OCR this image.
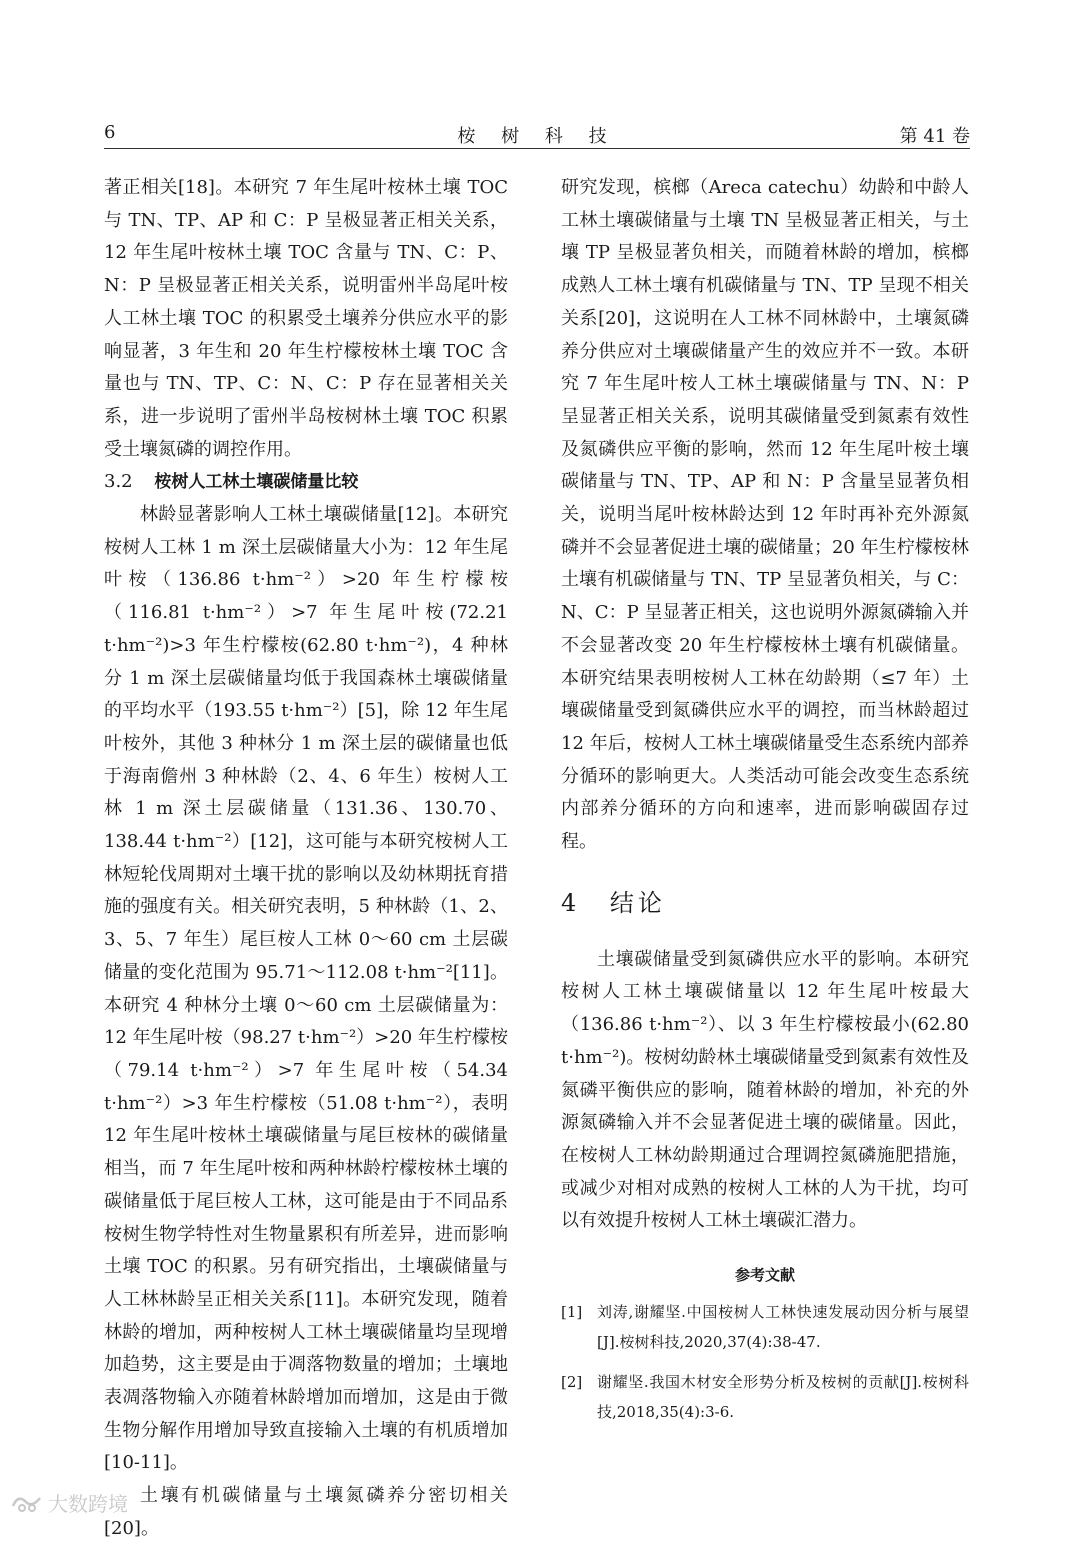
6	桉 树 科 技	第 41 卷

著正相关[18]。本研究 7 年生尾叶桉林土壤 TOC 与 TN、TP、AP 和 C：P 呈极显著正相关关系，12 年生尾叶桉林土壤 TOC 含量与 TN、C：P、N：P 呈极显著正相关关系，说明雷州半岛尾叶桉人工林土壤 TOC 的积累受土壤养分供应水平的影响显著，3 年生和 20 年生柠檬桉林土壤 TOC 含量也与 TN、TP、C：N、C：P 存在显著相关关系，进一步说明了雷州半岛桉树林土壤 TOC 积累受土壤氮磷的调控作用。

3.2 桉树人工林土壤碳储量比较

林龄显著影响人工林土壤碳储量[12]。本研究桉树人工林 1 m 深土层碳储量大小为：12 年生尾叶桉（136.86 t·hm⁻²）>20 年生柠檬桉（116.81 t·hm⁻²）>7 年生尾叶桉(72.21 t·hm⁻²)>3 年生柠檬桉(62.80 t·hm⁻²)，4 种林分 1 m 深土层碳储量均低于我国森林土壤碳储量的平均水平（193.55 t·hm⁻²）[5]，除 12 年生尾叶桉外，其他 3 种林分 1 m 深土层的碳储量也低于海南儋州 3 种林龄（2、4、6 年生）桉树人工林 1 m 深土层碳储量（131.36、130.70、138.44 t·hm⁻²）[12]，这可能与本研究桉树人工林短轮伐周期对土壤干扰的影响以及幼林期抚育措施的强度有关。相关研究表明，5 种林龄（1、2、3、5、7 年生）尾巨桉人工林 0～60 cm 土层碳储量的变化范围为 95.71～112.08 t·hm⁻²[11]。本研究 4 种林分土壤 0～60 cm 土层碳储量为：12 年生尾叶桉（98.27 t·hm⁻²）>20 年生柠檬桉（79.14 t·hm⁻²）>7 年生尾叶桉（54.34 t·hm⁻²）>3 年生柠檬桉（51.08 t·hm⁻²），表明 12 年生尾叶桉林土壤碳储量与尾巨桉林的碳储量相当，而 7 年生尾叶桉和两种林龄柠檬桉林土壤的碳储量低于尾巨桉人工林，这可能是由于不同品系桉树生物学特性对生物量累积有所差异，进而影响土壤 TOC 的积累。另有研究指出，土壤碳储量与人工林林龄呈正相关关系[11]。本研究发现，随着林龄的增加，两种桉树人工林土壤碳储量均呈现增加趋势，这主要是由于凋落物数量的增加；土壤地表凋落物输入亦随着林龄增加而增加，这是由于微生物分解作用增加导致直接输入土壤的有机质增加[10-11]。

土壤有机碳储量与土壤氮磷养分密切相关[20]。

研究发现，槟榔（Areca catechu）幼龄和中龄人工林土壤碳储量与土壤 TN 呈极显著正相关，与土壤 TP 呈极显著负相关，而随着林龄的增加，槟榔成熟人工林土壤有机碳储量与 TN、TP 呈现不相关关系[20]，这说明在人工林不同林龄中，土壤氮磷养分供应对土壤碳储量产生的效应并不一致。本研究 7 年生尾叶桉人工林土壤碳储量与 TN、N：P 呈显著正相关关系，说明其碳储量受到氮素有效性及氮磷供应平衡的影响，然而 12 年生尾叶桉土壤碳储量与 TN、TP、AP 和 N：P 含量呈显著负相关，说明当尾叶桉林龄达到 12 年时再补充外源氮磷并不会显著促进土壤的碳储量；20 年生柠檬桉林土壤有机碳储量与 TN、TP 呈显著负相关，与 C：N、C：P 呈显著正相关，这也说明外源氮磷输入并不会显著改变 20 年生柠檬桉林土壤有机碳储量。本研究结果表明桉树人工林在幼龄期（≤7 年）土壤碳储量受到氮磷供应水平的调控，而当林龄超过 12 年后，桉树人工林土壤碳储量受生态系统内部养分循环的影响更大。人类活动可能会改变生态系统内部养分循环的方向和速率，进而影响碳固存过程。

4 结论

土壤碳储量受到氮磷供应水平的影响。本研究桉树人工林土壤碳储量以 12 年生尾叶桉最大（136.86 t·hm⁻²）、以 3 年生柠檬桉最小(62.80 t·hm⁻²)。桉树幼龄林土壤碳储量受到氮素有效性及氮磷平衡供应的影响，随着林龄的增加，补充的外源氮磷输入并不会显著促进土壤的碳储量。因此，在桉树人工林幼龄期通过合理调控氮磷施肥措施，或减少对相对成熟的桉树人工林的人为干扰，均可以有效提升桉树人工林土壤碳汇潜力。

参考文献
[1] 刘涛,谢耀坚.中国桉树人工林快速发展动因分析与展望[J].桉树科技,2020,37(4):38-47.
[2] 谢耀坚.我国木材安全形势分析及桉树的贡献[J].桉树科技,2018,35(4):3-6.
大数跨境
